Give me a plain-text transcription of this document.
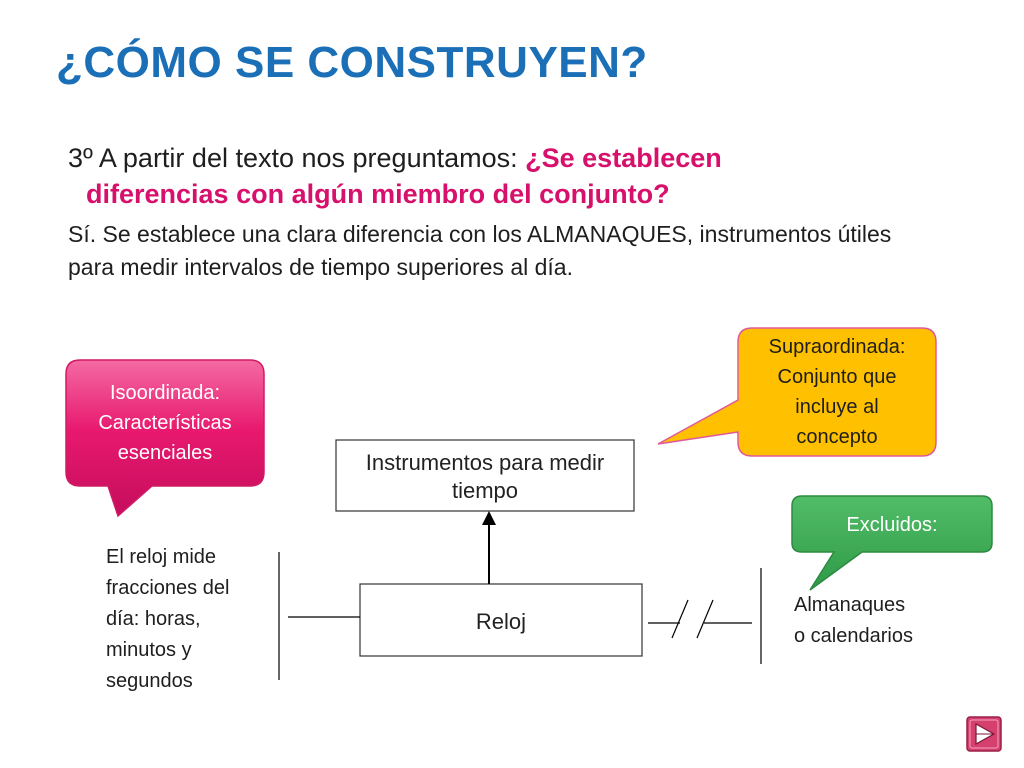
¿CÓMO SE CONSTRUYEN?
3º A partir del texto nos preguntamos: ¿Se establecen
diferencias con algún miembro del conjunto?
Sí. Se establece una clara diferencia con los ALMANAQUES, instrumentos útiles
para medir intervalos de tiempo superiores al día.
Isoordinada:
Características
esenciales
Supraordinada:
Conjunto que
incluye al
concepto
Excluidos:
Instrumentos para medir
tiempo
Reloj
El reloj mide
fracciones del
día: horas,
minutos y
segundos
Almanaques
o calendarios
